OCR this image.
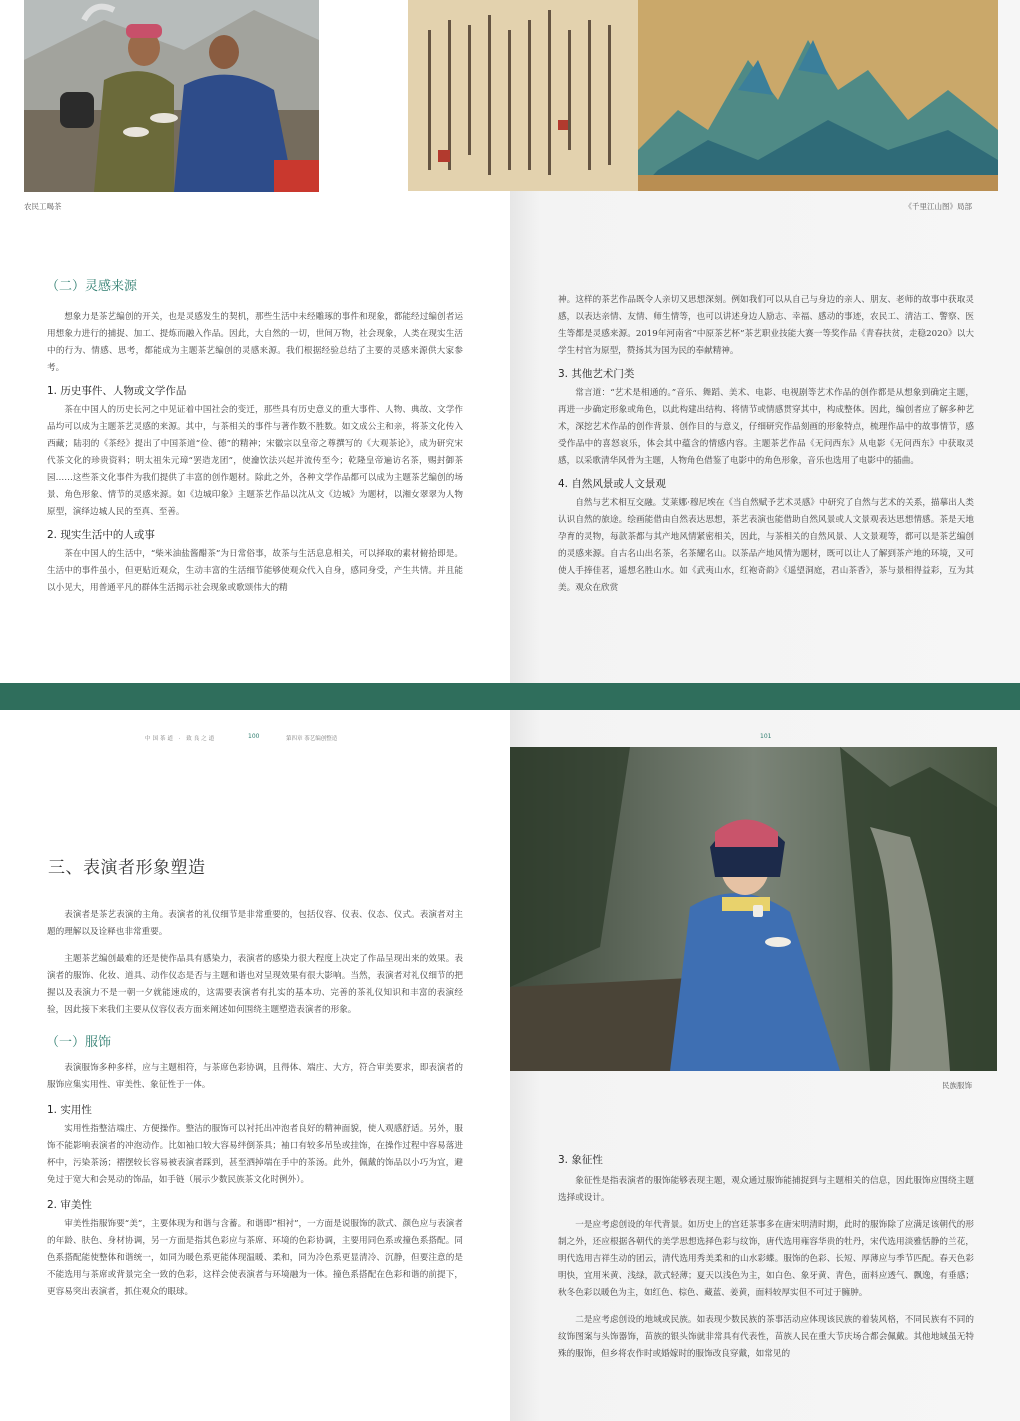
农民工喝茶
（二）灵感来源

想象力是茶艺编创的开关，也是灵感发生的契机，那些生活中未经雕琢的事件和现象，都能经过编创者运用想象力进行的捕捉、加工、提炼而融入作品。因此，大自然的一切，世间万物，社会现象，人类在现实生活中的行为、情感、思考，都能成为主题茶艺编创的灵感来源。我们根据经验总结了主要的灵感来源供大家参考。

1. 历史事件、人物或文学作品

茶在中国人的历史长河之中见证着中国社会的变迁，那些具有历史意义的重大事件、人物、典故、文学作品均可以成为主题茶艺灵感的来源。其中，与茶相关的事件与著作数不胜数。如文成公主和亲，将茶文化传入西藏；陆羽的《茶经》提出了中国茶道“俭、德”的精神；宋徽宗以皇帝之尊撰写的《大观茶论》，成为研究宋代茶文化的珍贵资料；明太祖朱元璋“罢造龙团”，使瀹饮法兴起并流传至今；乾隆皇帝遍访名茶，赐封御茶园……这些茶文化事件为我们提供了丰富的创作题材。除此之外，各种文学作品都可以成为主题茶艺编创的场景、角色形象、情节的灵感来源。如《边城印象》主题茶艺作品以沈从文《边城》为题材，以湘女翠翠为人物原型，演绎边城人民的至真、至善。

2. 现实生活中的人或事

茶在中国人的生活中，“柴米油盐酱醋茶”为日常俗事，故茶与生活息息相关，可以择取的素材俯拾即是。生活中的事件虽小，但更贴近观众，生动丰富的生活细节能够使观众代入自身，感同身受，产生共情。并且能以小见大，用普通平凡的群体生活揭示社会现象或歌颂伟大的精

《千里江山图》局部

神。这样的茶艺作品既令人亲切又思想深刻。例如我们可以从自己与身边的亲人、朋友、老师的故事中获取灵感，以表达亲情、友情、师生情等，也可以讲述身边人励志、幸福、感动的事迹，农民工、清洁工、警察、医生等都是灵感来源。2019年河南省“中原茶艺杯”茶艺职业技能大赛一等奖作品《青春扶贫，走稳2020》以大学生村官为原型，赞扬其为国为民的奉献精神。

3. 其他艺术门类

常言道：“艺术是相通的。”音乐、舞蹈、美术、电影、电视剧等艺术作品的创作都是从想象到确定主题，再进一步确定形象或角色，以此构建出结构、将情节或情感贯穿其中，构成整体。因此，编创者应了解多种艺术，深挖艺术作品的创作背景、创作目的与意义，仔细研究作品刻画的形象特点，梳理作品中的故事情节，感受作品中的喜怒哀乐，体会其中蕴含的情感内容。主题茶艺作品《无问西东》从电影《无问西东》中获取灵感，以采歌清华风骨为主题，人物角色借鉴了电影中的角色形象，音乐也选用了电影中的插曲。

4. 自然风景或人文景观

自然与艺术相互交融。艾莱娜·穆尼埃在《当自然赋予艺术灵感》中研究了自然与艺术的关系，描摹出人类认识自然的旅途。绘画能借由自然表达思想，茶艺表演也能借助自然风景或人文景观表达思想情感。茶是天地孕育的灵物，每款茶都与其产地风情紧密相关，因此，与茶相关的自然风景、人文景观等，都可以是茶艺编创的灵感来源。自古名山出名茶，名茶耀名山。以茶品产地风情为题材，既可以让人了解到茶产地的环境，又可使人手捧佳茗，遥想名胜山水。如《武夷山水，红袍奇韵》《遥望洞庭，君山茶香》，茶与景相得益彩，互为其美。观众在欣赏

中国茶道 · 致良之道	100	第四章 茶艺编创整造
三、表演者形象塑造

表演者是茶艺表演的主角。表演者的礼仪细节是非常重要的，包括仪容、仪表、仪态、仪式。表演者对主题的理解以及诠释也非常重要。

主题茶艺编创最难的还是使作品具有感染力，表演者的感染力很大程度上决定了作品呈现出来的效果。表演者的服饰、化妆、道具、动作仪态是否与主题和谐也对呈现效果有很大影响。当然，表演者对礼仪细节的把握以及表演力不是一朝一夕就能速成的，这需要表演者有扎实的基本功、完善的茶礼仪知识和丰富的表演经验，因此接下来我们主要从仪容仪表方面来阐述如何围绕主题塑造表演者的形象。

（一）服饰

表演服饰多种多样，应与主题相符，与茶席色彩协调，且得体、端庄、大方，符合审美要求，即表演者的服饰应集实用性、审美性、象征性于一体。

1. 实用性

实用性指整洁端庄、方便操作。整洁的服饰可以衬托出冲泡者良好的精神面貌，使人观感舒适。另外，服饰不能影响表演者的冲泡动作。比如袖口较大容易绊倒茶具；袖口有较多吊坠或挂饰，在操作过程中容易落进杯中，污染茶汤；褶摆较长容易被表演者踩到，甚至洒掉端在手中的茶汤。此外，佩戴的饰品以小巧为宜，避免过于宽大和会晃动的饰品，如手链（展示少数民族茶文化时例外）。

2. 审美性

审美性指服饰要“美”，主要体现为和谐与含蓄。和谐即“相衬”，一方面是说服饰的款式、颜色应与表演者的年龄、肤色、身材协调，另一方面是指其色彩应与茶席、环境的色彩协调，主要用同色系或撞色系搭配。同色系搭配能使整体和谐统一，如同为暖色系更能体现温暖、柔和，同为冷色系更显清冷、沉静，但要注意的是不能选用与茶席或背景完全一致的色彩，这样会使表演者与环境融为一体。撞色系搭配在色彩和谐的前提下，更容易突出表演者，抓住观众的眼球。

101
民族服饰
3. 象征性

象征性是指表演者的服饰能够表现主题，观众通过服饰能捕捉到与主题相关的信息，因此服饰应围绕主题选择或设计。

一是应考虑创设的年代背景。如历史上的宫廷茶事多在唐宋明清时期，此时的服饰除了应满足该朝代的形制之外，还应根据各朝代的美学思想选择色彩与纹饰，唐代选用雍容华贵的牡丹，宋代选用淡雅恬静的兰花，明代选用吉祥生动的团云，清代选用秀美柔和的山水彩蝶。服饰的色彩、长短、厚薄应与季节匹配。春天色彩明快，宜用米黄、浅绿，款式轻薄；夏天以浅色为主，如白色、象牙黄、青色，面料应透气、飘逸，有垂感；秋冬色彩以暖色为主，如红色、棕色、藏蓝、姜黄，面料较厚实但不可过于臃肿。

二是应考虑创设的地域或民族。如表现少数民族的茶事活动应体现该民族的着装风格，不同民族有不同的纹饰图案与头饰器饰，苗族的银头饰就非常具有代表性，苗族人民在重大节庆场合都会佩戴。其他地域虽无特殊的服饰，但乡将农作时或婚嫁时的服饰改良穿戴，如常见的
